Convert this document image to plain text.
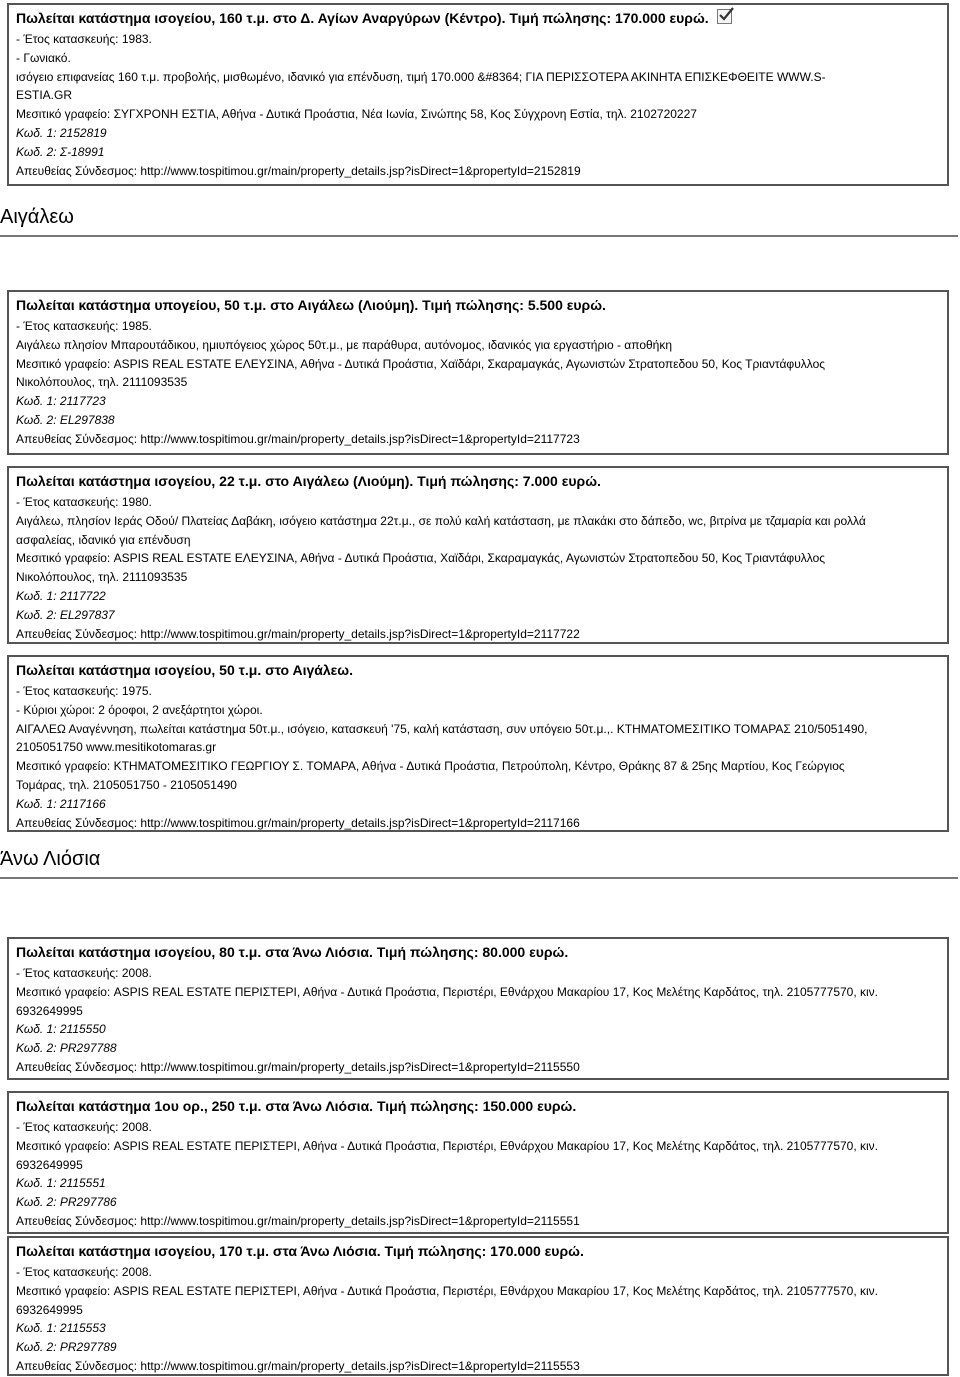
Πωλείται κατάστημα ισογείου, 160 τ.μ. στο Δ. Αγίων Αναργύρων (Κέντρο). Τιμή πώλησης: 170.000 ευρώ.
- Έτος κατασκευής: 1983.
- Γωνιακό.
ισόγειο επιφανείας 160 τ.μ. προβολής, μισθωμένο, ιδανικό για επένδυση, τιμή 170.000 &#8364; ΓΙΑ ΠΕΡΙΣΣΟΤΕΡΑ ΑΚΙΝΗΤΑ ΕΠΙΣΚΕΦΘΕΙΤΕ WWW.S-
ESTIA.GR
Μεσιτικό γραφείο: ΣΥΓΧΡΟΝΗ ΕΣΤΙΑ, Αθήνα - Δυτικά Προάστια, Νέα Ιωνία, Σινώπης 58, Κος Σύγχρονη Εστία, τηλ. 2102720227
Κωδ. 1: 2152819
Κωδ. 2: Σ-18991
Απευθείας Σύνδεσμος: http://www.tospitimou.gr/main/property_details.jsp?isDirect=1&propertyId=2152819
Αιγάλεω
Πωλείται κατάστημα υπογείου, 50 τ.μ. στο Αιγάλεω (Λιούμη). Τιμή πώλησης: 5.500 ευρώ.
- Έτος κατασκευής: 1985.
Αιγάλεω πλησίον Μπαρουτάδικου, ημιυπόγειος χώρος 50τ.μ., με παράθυρα, αυτόνομος, ιδανικός για εργαστήριο - αποθήκη
Μεσιτικό γραφείο: ASPIS REAL ESTATE ΕΛΕΥΣΙΝΑ, Αθήνα - Δυτικά Προάστια, Χαϊδάρι, Σκαραμαγκάς, Αγωνιστών Στρατοπεδου 50, Κος Τριαντάφυλλος
Νικολόπουλος, τηλ. 2111093535
Κωδ. 1: 2117723
Κωδ. 2: EL297838
Απευθείας Σύνδεσμος: http://www.tospitimou.gr/main/property_details.jsp?isDirect=1&propertyId=2117723
Πωλείται κατάστημα ισογείου, 22 τ.μ. στο Αιγάλεω (Λιούμη). Τιμή πώλησης: 7.000 ευρώ.
- Έτος κατασκευής: 1980.
Αιγάλεω, πλησίον Ιεράς Οδού/ Πλατείας Δαβάκη, ισόγειο κατάστημα 22τ.μ., σε πολύ καλή κατάσταση, με πλακάκι στο δάπεδο, wc, βιτρίνα με τζαμαρία και ρολλά
ασφαλείας, ιδανικό για επένδυση
Μεσιτικό γραφείο: ASPIS REAL ESTATE ΕΛΕΥΣΙΝΑ, Αθήνα - Δυτικά Προάστια, Χαϊδάρι, Σκαραμαγκάς, Αγωνιστών Στρατοπεδου 50, Κος Τριαντάφυλλος
Νικολόπουλος, τηλ. 2111093535
Κωδ. 1: 2117722
Κωδ. 2: EL297837
Απευθείας Σύνδεσμος: http://www.tospitimou.gr/main/property_details.jsp?isDirect=1&propertyId=2117722
Πωλείται κατάστημα ισογείου, 50 τ.μ. στο Αιγάλεω.
- Έτος κατασκευής: 1975.
- Κύριοι χώροι: 2 όροφοι, 2 ανεξάρτητοι χώροι.
ΑΙΓΑΛΕΩ Αναγέννηση, πωλείται κατάστημα 50τ.μ., ισόγειο, κατασκευή '75, καλή κατάσταση, συν υπόγειο 50τ.μ.,. ΚΤΗΜΑΤΟΜΕΣΙΤΙΚΟ ΤΟΜΑΡΑΣ 210/5051490,
2105051750 www.mesitikotomaras.gr
Μεσιτικό γραφείο: ΚΤΗΜΑΤΟΜΕΣΙΤΙΚΟ ΓΕΩΡΓΙΟΥ Σ. ΤΟΜΑΡΑ, Αθήνα - Δυτικά Προάστια, Πετρούπολη, Κέντρο, Θράκης 87 & 25ης Μαρτίου, Κος Γεώργιος
Τομάρας, τηλ. 2105051750 - 2105051490
Κωδ. 1: 2117166
Απευθείας Σύνδεσμος: http://www.tospitimou.gr/main/property_details.jsp?isDirect=1&propertyId=2117166
Άνω Λιόσια
Πωλείται κατάστημα ισογείου, 80 τ.μ. στα Άνω Λιόσια. Τιμή πώλησης: 80.000 ευρώ.
- Έτος κατασκευής: 2008.
Μεσιτικό γραφείο: ASPIS REAL ESTATE ΠΕΡΙΣΤΕΡΙ, Αθήνα - Δυτικά Προάστια, Περιστέρι, Εθνάρχου Μακαρίου 17, Κος Μελέτης Καρδάτος, τηλ. 2105777570, κιν.
6932649995
Κωδ. 1: 2115550
Κωδ. 2: PR297788
Απευθείας Σύνδεσμος: http://www.tospitimou.gr/main/property_details.jsp?isDirect=1&propertyId=2115550
Πωλείται κατάστημα 1ου ορ., 250 τ.μ. στα Άνω Λιόσια. Τιμή πώλησης: 150.000 ευρώ.
- Έτος κατασκευής: 2008.
Μεσιτικό γραφείο: ASPIS REAL ESTATE ΠΕΡΙΣΤΕΡΙ, Αθήνα - Δυτικά Προάστια, Περιστέρι, Εθνάρχου Μακαρίου 17, Κος Μελέτης Καρδάτος, τηλ. 2105777570, κιν.
6932649995
Κωδ. 1: 2115551
Κωδ. 2: PR297786
Απευθείας Σύνδεσμος: http://www.tospitimou.gr/main/property_details.jsp?isDirect=1&propertyId=2115551
Πωλείται κατάστημα ισογείου, 170 τ.μ. στα Άνω Λιόσια. Τιμή πώλησης: 170.000 ευρώ.
- Έτος κατασκευής: 2008.
Μεσιτικό γραφείο: ASPIS REAL ESTATE ΠΕΡΙΣΤΕΡΙ, Αθήνα - Δυτικά Προάστια, Περιστέρι, Εθνάρχου Μακαρίου 17, Κος Μελέτης Καρδάτος, τηλ. 2105777570, κιν.
6932649995
Κωδ. 1: 2115553
Κωδ. 2: PR297789
Απευθείας Σύνδεσμος: http://www.tospitimou.gr/main/property_details.jsp?isDirect=1&propertyId=2115553
